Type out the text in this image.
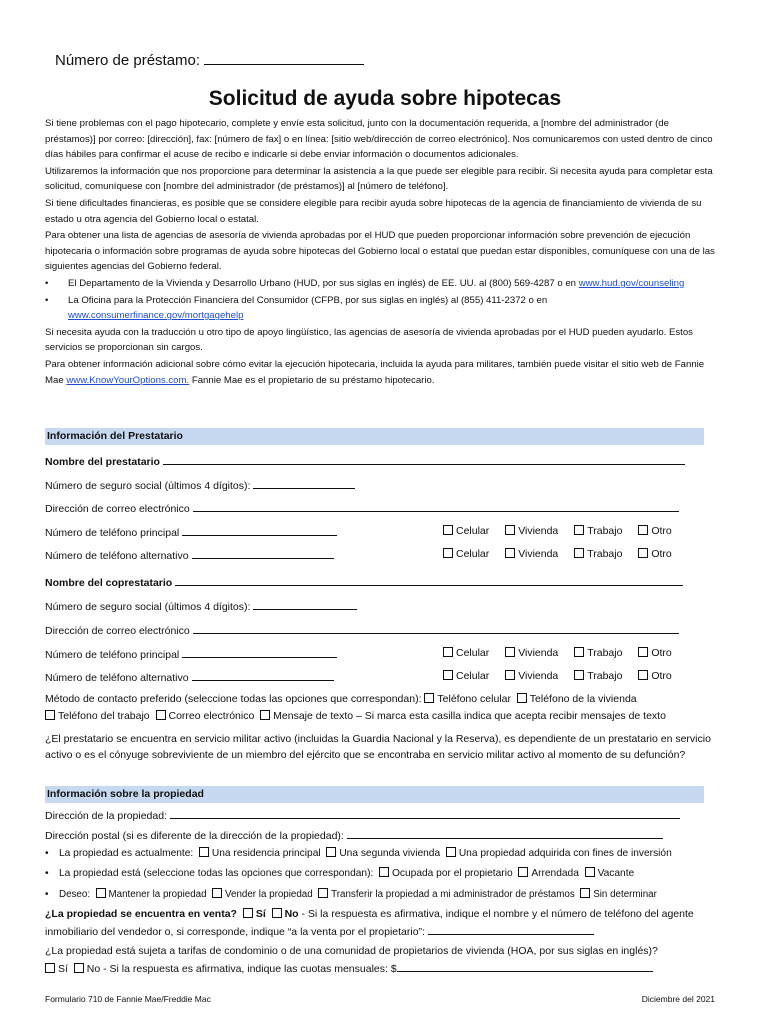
Número de préstamo:
Solicitud de ayuda sobre hipotecas

Si tiene problemas con el pago hipotecario, complete y envíe esta solicitud, junto con la documentación requerida, a [nombre del administrador (de préstamos)] por correo: [dirección], fax: [número de fax] o en línea: [sitio web/dirección de correo electrónico]. Nos comunicaremos con usted dentro de cinco días hábiles para confirmar el acuse de recibo e indicarle si debe enviar información o documentos adicionales.

Utilizaremos la información que nos proporcione para determinar la asistencia a la que puede ser elegible para recibir. Si necesita ayuda para completar esta solicitud, comuníquese con [nombre del administrador (de préstamos)] al [número de teléfono].

Si tiene dificultades financieras, es posible que se considere elegible para recibir ayuda sobre hipotecas de la agencia de financiamiento de vivienda de su estado u otra agencia del Gobierno local o estatal.

Para obtener una lista de agencias de asesoría de vivienda aprobadas por el HUD que pueden proporcionar información sobre prevención de ejecución hipotecaria o información sobre programas de ayuda sobre hipotecas del Gobierno local o estatal que puedan estar disponibles, comuníquese con una de las siguientes agencias del Gobierno federal.

•	El Departamento de la Vivienda y Desarrollo Urbano (HUD, por sus siglas en inglés) de EE. UU. al (800) 569-4287 o en www.hud.gov/counseling
•	La Oficina para la Protección Financiera del Consumidor (CFPB, por sus siglas en inglés) al (855) 411-2372 o en www.consumerfinance.gov/mortgagehelp

Si necesita ayuda con la traducción u otro tipo de apoyo lingüístico, las agencias de asesoría de vivienda aprobadas por el HUD pueden ayudarlo. Estos servicios se proporcionan sin cargos.

Para obtener información adicional sobre cómo evitar la ejecución hipotecaria, incluida la ayuda para militares, también puede visitar el sitio web de Fannie Mae www.KnowYourOptions.com. Fannie Mae es el propietario de su préstamo hipotecario.

Información del Prestatario
Nombre del prestatario
Número de seguro social (últimos 4 dígitos):
Dirección de correo electrónico
Número de teléfono principal	Celular	Vivienda	Trabajo	Otro
Número de teléfono alternativo	Celular	Vivienda	Trabajo	Otro
Nombre del coprestatario
Número de seguro social (últimos 4 dígitos):
Dirección de correo electrónico
Número de teléfono principal	Celular	Vivienda	Trabajo	Otro
Número de teléfono alternativo	Celular	Vivienda	Trabajo	Otro
Método de contacto preferido (seleccione todas las opciones que correspondan): Teléfono celular Teléfono de la vivienda
Teléfono del trabajo Correo electrónico Mensaje de texto – Si marca esta casilla indica que acepta recibir mensajes de texto
¿El prestatario se encuentra en servicio militar activo (incluidas la Guardia Nacional y la Reserva), es dependiente de un prestatario en servicio activo o es el cónyuge sobreviviente de un miembro del ejército que se encontraba en servicio militar activo al momento de su defunción?
Información sobre la propiedad
Dirección de la propiedad:
Dirección postal (si es diferente de la dirección de la propiedad):
• La propiedad es actualmente: Una residencia principal Una segunda vivienda Una propiedad adquirida con fines de inversión
• La propiedad está (seleccione todas las opciones que correspondan): Ocupada por el propietario Arrendada Vacante
• Deseo: Mantener la propiedad Vender la propiedad Transferir la propiedad a mi administrador de préstamos Sin determinar
¿La propiedad se encuentra en venta? Sí No - Si la respuesta es afirmativa, indique el nombre y el número de teléfono del agente inmobiliario del vendedor o, si corresponde, indique “a la venta por el propietario”:
¿La propiedad está sujeta a tarifas de condominio o de una comunidad de propietarios de vivienda (HOA, por sus siglas en inglés)?
Sí No - Si la respuesta es afirmativa, indique las cuotas mensuales: $
Formulario 710 de Fannie Mae/Freddie Mac	Diciembre del 2021
